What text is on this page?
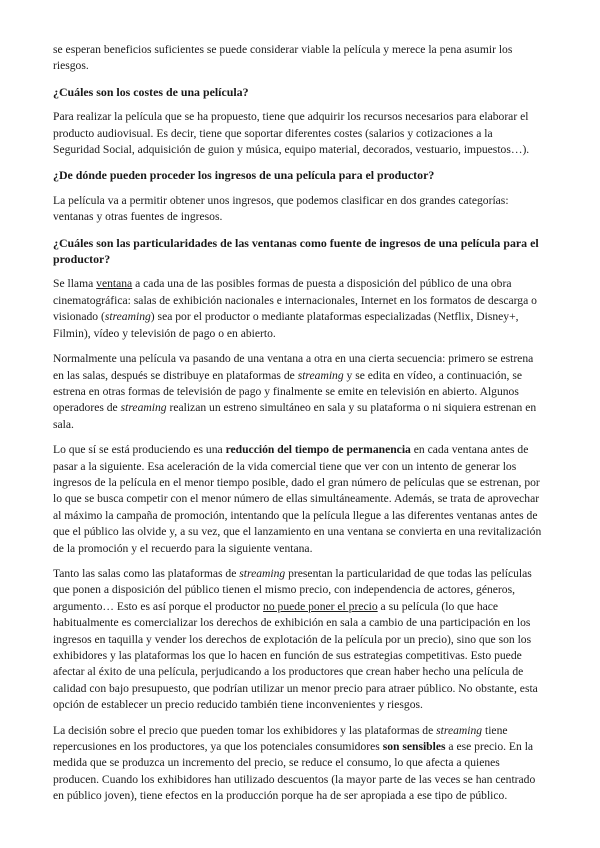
se esperan beneficios suficientes se puede considerar viable la película y merece la pena asumir los riesgos.

¿Cuáles son los costes de una película?

Para realizar la película que se ha propuesto, tiene que adquirir los recursos necesarios para elaborar el producto audiovisual. Es decir, tiene que soportar diferentes costes (salarios y cotizaciones a la Seguridad Social, adquisición de guion y música, equipo material, decorados, vestuario, impuestos…).

¿De dónde pueden proceder los ingresos de una película para el productor?

La película va a permitir obtener unos ingresos, que podemos clasificar en dos grandes categorías: ventanas y otras fuentes de ingresos.

¿Cuáles son las particularidades de las ventanas como fuente de ingresos de una película para el productor?

Se llama ventana a cada una de las posibles formas de puesta a disposición del público de una obra cinematográfica: salas de exhibición nacionales e internacionales, Internet en los formatos de descarga o visionado (streaming) sea por el productor o mediante plataformas especializadas (Netflix, Disney+, Filmin), vídeo y televisión de pago o en abierto.

Normalmente una película va pasando de una ventana a otra en una cierta secuencia: primero se estrena en las salas, después se distribuye en plataformas de streaming y se edita en vídeo, a continuación, se estrena en otras formas de televisión de pago y finalmente se emite en televisión en abierto. Algunos operadores de streaming realizan un estreno simultáneo en sala y su plataforma o ni siquiera estrenan en sala.

Lo que sí se está produciendo es una reducción del tiempo de permanencia en cada ventana antes de pasar a la siguiente. Esa aceleración de la vida comercial tiene que ver con un intento de generar los ingresos de la película en el menor tiempo posible, dado el gran número de películas que se estrenan, por lo que se busca competir con el menor número de ellas simultáneamente. Además, se trata de aprovechar al máximo la campaña de promoción, intentando que la película llegue a las diferentes ventanas antes de que el público las olvide y, a su vez, que el lanzamiento en una ventana se convierta en una revitalización de la promoción y el recuerdo para la siguiente ventana.

Tanto las salas como las plataformas de streaming presentan la particularidad de que todas las películas que ponen a disposición del público tienen el mismo precio, con independencia de actores, géneros, argumento… Esto es así porque el productor no puede poner el precio a su película (lo que hace habitualmente es comercializar los derechos de exhibición en sala a cambio de una participación en los ingresos en taquilla y vender los derechos de explotación de la película por un precio), sino que son los exhibidores y las plataformas los que lo hacen en función de sus estrategias competitivas. Esto puede afectar al éxito de una película, perjudicando a los productores que crean haber hecho una película de calidad con bajo presupuesto, que podrían utilizar un menor precio para atraer público. No obstante, esta opción de establecer un precio reducido también tiene inconvenientes y riesgos.

La decisión sobre el precio que pueden tomar los exhibidores y las plataformas de streaming tiene repercusiones en los productores, ya que los potenciales consumidores son sensibles a ese precio. En la medida que se produzca un incremento del precio, se reduce el consumo, lo que afecta a quienes producen. Cuando los exhibidores han utilizado descuentos (la mayor parte de las veces se han centrado en público joven), tiene efectos en la producción porque ha de ser apropiada a ese tipo de público.
